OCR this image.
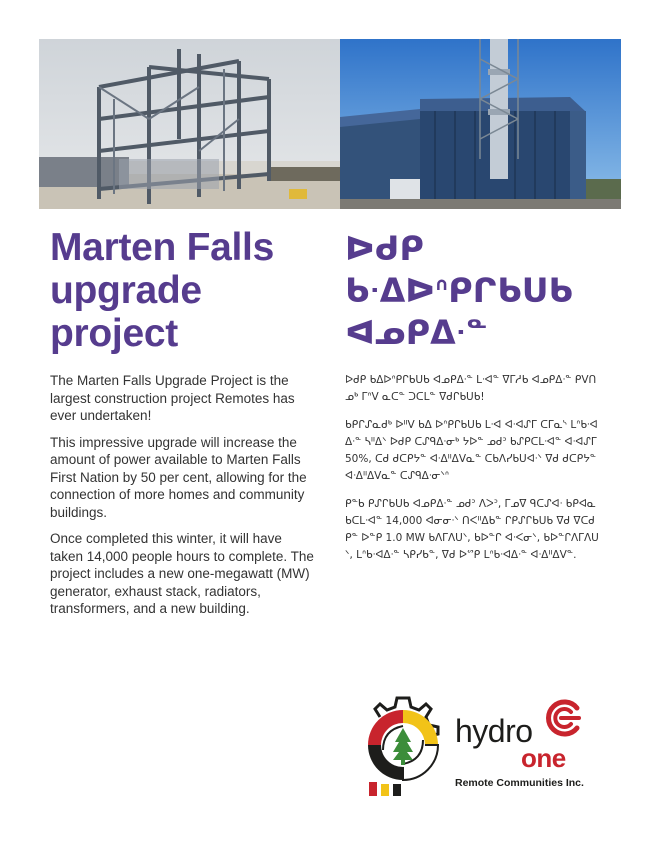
Marten Falls upgrade project
ᐅᑯᑭ ᑲᐧᐃᐅᐢᑭᒋᑲᑌᑲ ᐊᓄᑭᐃᐧᓐ

The Marten Falls Upgrade Project is the largest construction project Remotes has ever undertaken!

This impressive upgrade will increase the amount of power available to Marten Falls First Nation by 50 per cent, allowing for the connection of more homes and community buildings.

Once completed this winter, it will have taken 14,000 people hours to complete. The project includes a new one-megawatt (MW) generator, exhaust stack, radiators, transformers, and a new building.

ᐅᑯᑭ ᑲᐃᐅᐢᑭᒋᑲᑌᑲ ᐊᓄᑭᐃᐧᓐ ᒪᐧᐊᓐ ᐁᒥᓱᑲ ᐊᓄᑭᐃᐧᓐ ᑭᐯᑎᓄᒃ ᒥᐢᐯ ᓇᑕᓐ ᑐᑕᒪᓐ ᐁᑯᒋᑲᑌᑲ!

ᑲᑭᒋᔑᓇᑯᒃ ᐅᐦᐯ ᑲᐃ ᐅᐢᑭᒋᑲᑌᑲ ᒪᐧᐊ ᐊᐧᐊᔑᒥ ᑕᒥᓇᔅ ᒪᐢᑲᐧᐊᐃᐧᓐ ᓴᐦᐃᐠ ᐅᑯᑭ ᑕᔑᑫᐃᐧᓂᒃ ᔭᐅᓐ ᓄᑯᐣ ᑲᔑᑭᑕᒪᐧᐊᓐ ᐊᐧᐊᔑᒥ 50%, ᑕᑯ ᑯᑕᑭᔭᓐ ᐊᐧᐃᐦᐃᐯᓇᓐ ᑕᑲᐱᓯᑲᑌᐊᐧᐠ ᐁᑯ ᑯᑕᑭᔭᓐ ᐊᐧᐃᐦᐃᐯᓇᓐ ᑕᔑᑫᐃᐧᓂᐠᐢ

ᑭᓐᑲ ᑭᔑᒋᑲᑌᑲ ᐊᓄᑭᐃᐧᓐ ᓄᑯᐣ ᐱᐳᐣ, ᒥᓄᐁ ᑫᑕᔑᐊᐧ ᑲᑭᐊᓇᑲᑕᒪᐧᐊᓐ 14,000 ᐊᓂᓂᐧᐠ ᑎᐸᐦᐃᑲᓐ ᒋᑭᔑᒋᑲᑌᑲ ᐁᑯ ᐁᑕᑯᑭᓐ ᐅᓐᑭ 1.0 MW ᑲᐱᒥᐱᑌᐠ, ᑲᐅᓐᒋ ᐊᐧᐸᓂᐠ, ᑲᐅᓐᒋᐱᒥᐱᑌᐠ, ᒪᐢᑲᐧᐊᐃᐧᓐ ᓴᑭᓯᑲᓐ, ᐁᑯ ᐅᔥᑭ ᒪᐢᑲᐧᐊᐃᐧᓐ ᐊᐧᐃᐦᐃᐯᓐ.

hydro
one
Remote Communities Inc.
